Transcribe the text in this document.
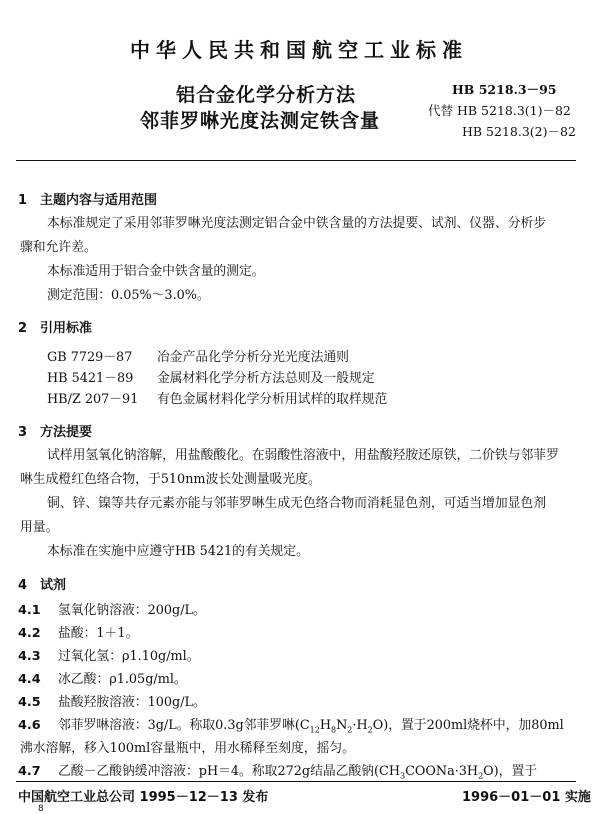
中华人民共和国航空工业标准
铝合金化学分析方法
邻菲罗啉光度法测定铁含量
HB 5218.3－95
代替 HB 5218.3(1)－82
HB 5218.3(2)－82
1　主题内容与适用范围
本标准规定了采用邻菲罗啉光度法测定铝合金中铁含量的方法提要、试剂、仪器、分析步
骤和允许差。
本标准适用于铝合金中铁含量的测定。
测定范围：0.05%～3.0%。
2　引用标准
GB 7729－87 冶金产品化学分析分光光度法通则
HB 5421－89 金属材料化学分析方法总则及一般规定
HB/Z 207－91 有色金属材料化学分析用试样的取样规范
3　方法提要
试样用氢氧化钠溶解，用盐酸酸化。在弱酸性溶液中，用盐酸羟胺还原铁，二价铁与邻菲罗
啉生成橙红色络合物，于510nm波长处测量吸光度。
铜、锌、镍等共存元素亦能与邻菲罗啉生成无色络合物而消耗显色剂，可适当增加显色剂
用量。
本标准在实施中应遵守HB 5421的有关规定。
4　试剂
4.1 氢氧化钠溶液：200g/L。
4.2 盐酸：1＋1。
4.3 过氧化氢：ρ1.10g/ml。
4.4 冰乙酸：ρ1.05g/ml。
4.5 盐酸羟胺溶液：100g/L。
4.6 邻菲罗啉溶液：3g/L。称取0.3g邻菲罗啉$(C_{12}H_8N_2\cdot H_2O)$，置于200ml烧杯中，加80ml
沸水溶解，移入100ml容量瓶中，用水稀释至刻度，摇匀。
4.7 乙酸－乙酸钠缓冲溶液：pH＝4。称取272g结晶乙酸钠$(CH_3COONa\cdot 3H_2O)$，置于
中国航空工业总公司 1995－12－13 发布	1996－01－01 实施
8
